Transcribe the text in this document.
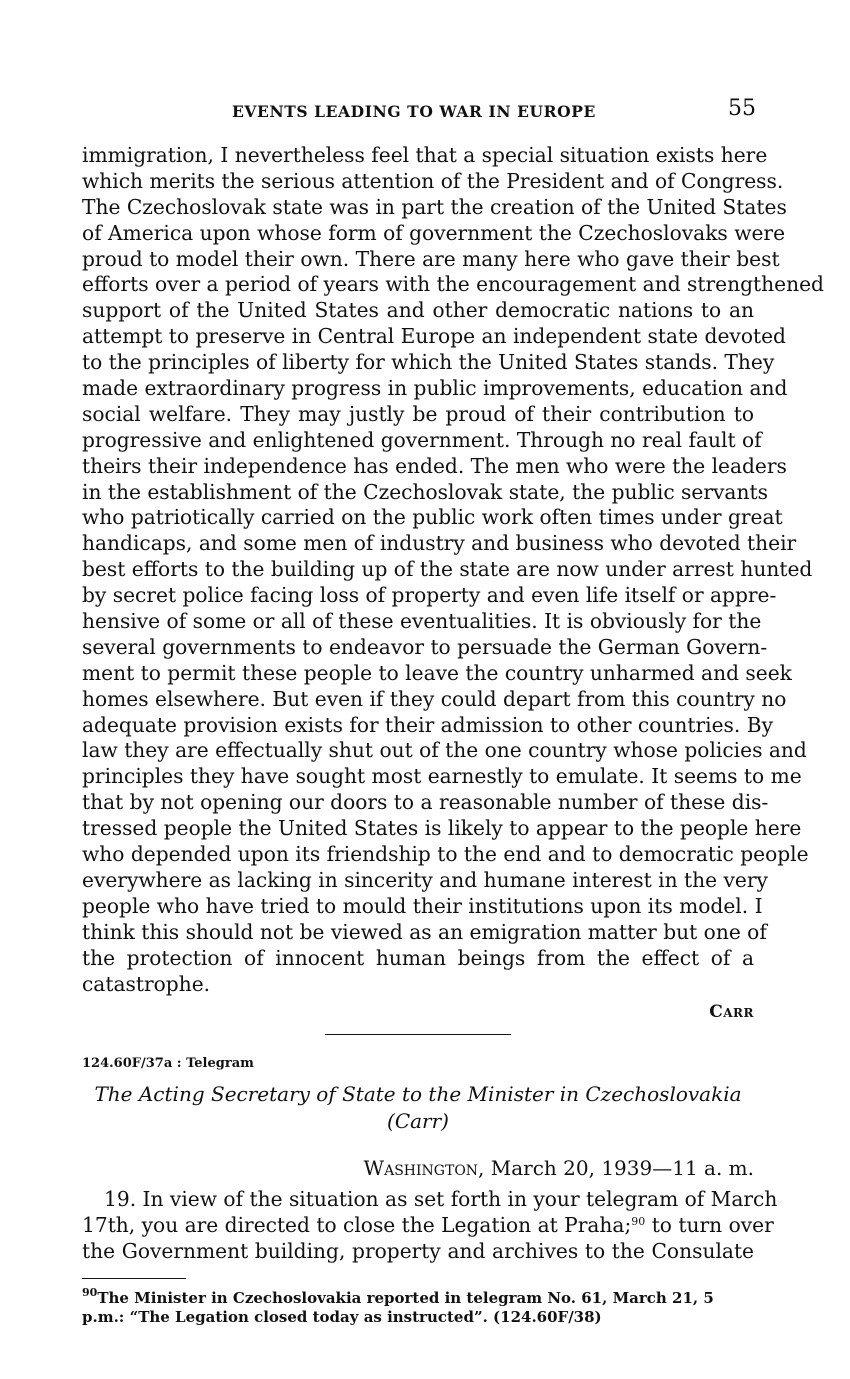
EVENTS LEADING TO WAR IN EUROPE	55
immigration, I nevertheless feel that a special situation exists here
which merits the serious attention of the President and of Congress.
The Czechoslovak state was in part the creation of the United States
of America upon whose form of government the Czechoslovaks were
proud to model their own. There are many here who gave their best
efforts over a period of years with the encouragement and strengthened
support of the United States and other democratic nations to an
attempt to preserve in Central Europe an independent state devoted
to the principles of liberty for which the United States stands. They
made extraordinary progress in public improvements, education and
social welfare. They may justly be proud of their contribution to
progressive and enlightened government. Through no real fault of
theirs their independence has ended. The men who were the leaders
in the establishment of the Czechoslovak state, the public servants
who patriotically carried on the public work often times under great
handicaps, and some men of industry and business who devoted their
best efforts to the building up of the state are now under arrest hunted
by secret police facing loss of property and even life itself or appre-
hensive of some or all of these eventualities. It is obviously for the
several governments to endeavor to persuade the German Govern-
ment to permit these people to leave the country unharmed and seek
homes elsewhere. But even if they could depart from this country no
adequate provision exists for their admission to other countries. By
law they are effectually shut out of the one country whose policies and
principles they have sought most earnestly to emulate. It seems to me
that by not opening our doors to a reasonable number of these dis-
tressed people the United States is likely to appear to the people here
who depended upon its friendship to the end and to democratic people
everywhere as lacking in sincerity and humane interest in the very
people who have tried to mould their institutions upon its model. I
think this should not be viewed as an emigration matter but one of
the protection of innocent human beings from the effect of a
catastrophe.
Carr
124.60F/37a : Telegram
The Acting Secretary of State to the Minister in Czechoslovakia
(Carr)
Washington, March 20, 1939—11 a. m.
19. In view of the situation as set forth in your telegram of March
17th, you are directed to close the Legation at Praha;$^{90}$ to turn over
the Government building, property and archives to the Consulate
$^{90}$The Minister in Czechoslovakia reported in telegram No. 61, March 21, 5 p.m.: “The Legation closed today as instructed”. (124.60F/38)
